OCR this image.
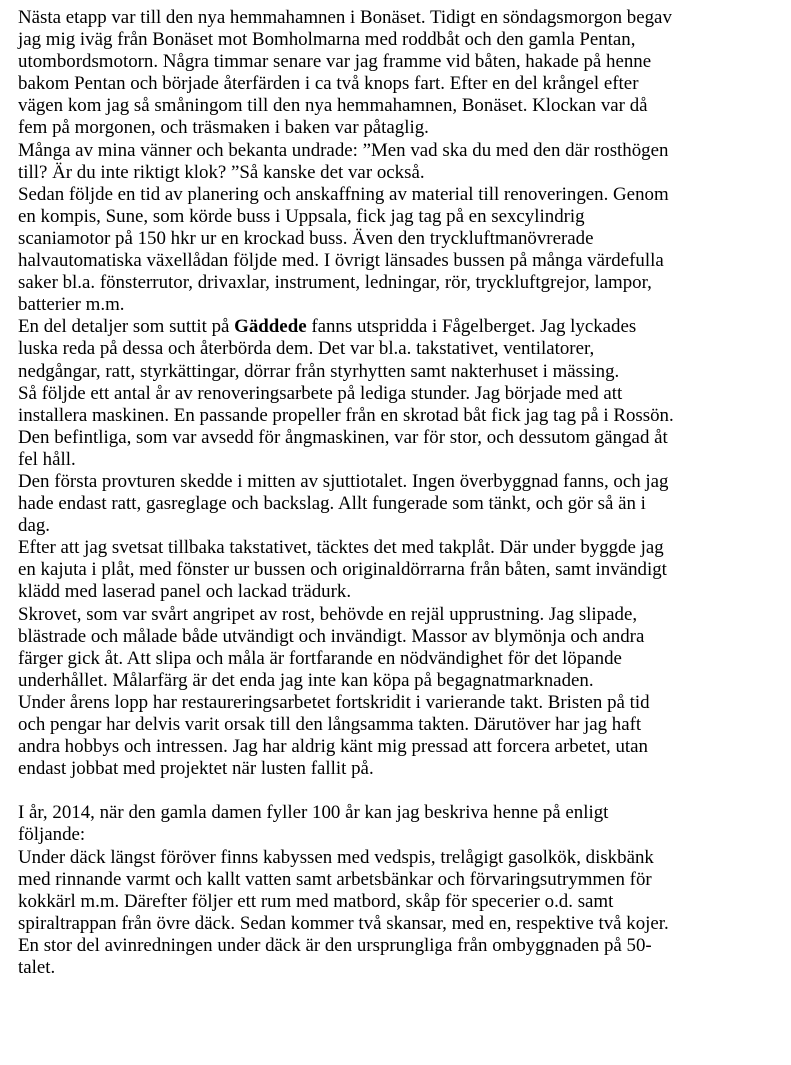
Nästa etapp var till den nya hemmahamnen i Bonäset. Tidigt en söndagsmorgon begav
jag mig iväg från Bonäset mot Bomholmarna med roddbåt och den gamla Pentan,
utombordsmotorn. Några timmar senare var jag framme vid båten, hakade på henne
bakom Pentan och började återfärden i ca två knops fart. Efter en del krångel efter
vägen kom jag så småningom till den nya hemmahamnen, Bonäset. Klockan var då
fem på morgonen, och träsmaken i baken var påtaglig.
Många av mina vänner och bekanta undrade: ”Men vad ska du med den där rosthögen
till? Är du inte riktigt klok? ”Så kanske det var också.
Sedan följde en tid av planering och anskaffning av material till renoveringen. Genom
en kompis, Sune, som körde buss i Uppsala, fick jag tag på en sexcylindrig
scaniamotor på 150 hkr ur en krockad buss. Även den tryckluftmanövrerade
halvautomatiska växellådan följde med. I övrigt länsades bussen på många värdefulla
saker bl.a. fönsterrutor, drivaxlar, instrument, ledningar, rör, tryckluftgrejor, lampor,
batterier m.m.
En del detaljer som suttit på Gäddede fanns utspridda i Fågelberget. Jag lyckades
luska reda på dessa och återbörda dem. Det var bl.a. takstativet, ventilatorer,
nedgångar, ratt, styrkättingar, dörrar från styrhytten samt nakterhuset i mässing.
Så följde ett antal år av renoveringsarbete på lediga stunder. Jag började med att
installera maskinen. En passande propeller från en skrotad båt fick jag tag på i Rossön.
Den befintliga, som var avsedd för ångmaskinen, var för stor, och dessutom gängad åt
fel håll.
Den första provturen skedde i mitten av sjuttiotalet. Ingen överbyggnad fanns, och jag
hade endast ratt, gasreglage och backslag. Allt fungerade som tänkt, och gör så än i
dag.
Efter att jag svetsat tillbaka takstativet, täcktes det med takplåt. Där under byggde jag
en kajuta i plåt, med fönster ur bussen och originaldörrarna från båten, samt invändigt
klädd med laserad panel och lackad trädurk.
Skrovet, som var svårt angripet av rost, behövde en rejäl upprustning. Jag slipade,
blästrade och målade både utvändigt och invändigt. Massor av blymönja och andra
färger gick åt. Att slipa och måla är fortfarande en nödvändighet för det löpande
underhållet. Målarfärg är det enda jag inte kan köpa på begagnatmarknaden.
Under årens lopp har restaureringsarbetet fortskridit i varierande takt. Bristen på tid
och pengar har delvis varit orsak till den långsamma takten. Därutöver har jag haft
andra hobbys och intressen. Jag har aldrig känt mig pressad att forcera arbetet, utan
endast jobbat med projektet när lusten fallit på.
I år, 2014, när den gamla damen fyller 100 år kan jag beskriva henne på enligt
följande:
Under däck längst föröver finns kabyssen med vedspis, trelågigt gasolkök, diskbänk
med rinnande varmt och kallt vatten samt arbetsbänkar och förvaringsutrymmen för
kokkärl m.m. Därefter följer ett rum med matbord, skåp för specerier o.d. samt
spiraltrappan från övre däck. Sedan kommer två skansar, med en, respektive två kojer.
En stor del avinredningen under däck är den ursprungliga från ombyggnaden på 50-
talet.
